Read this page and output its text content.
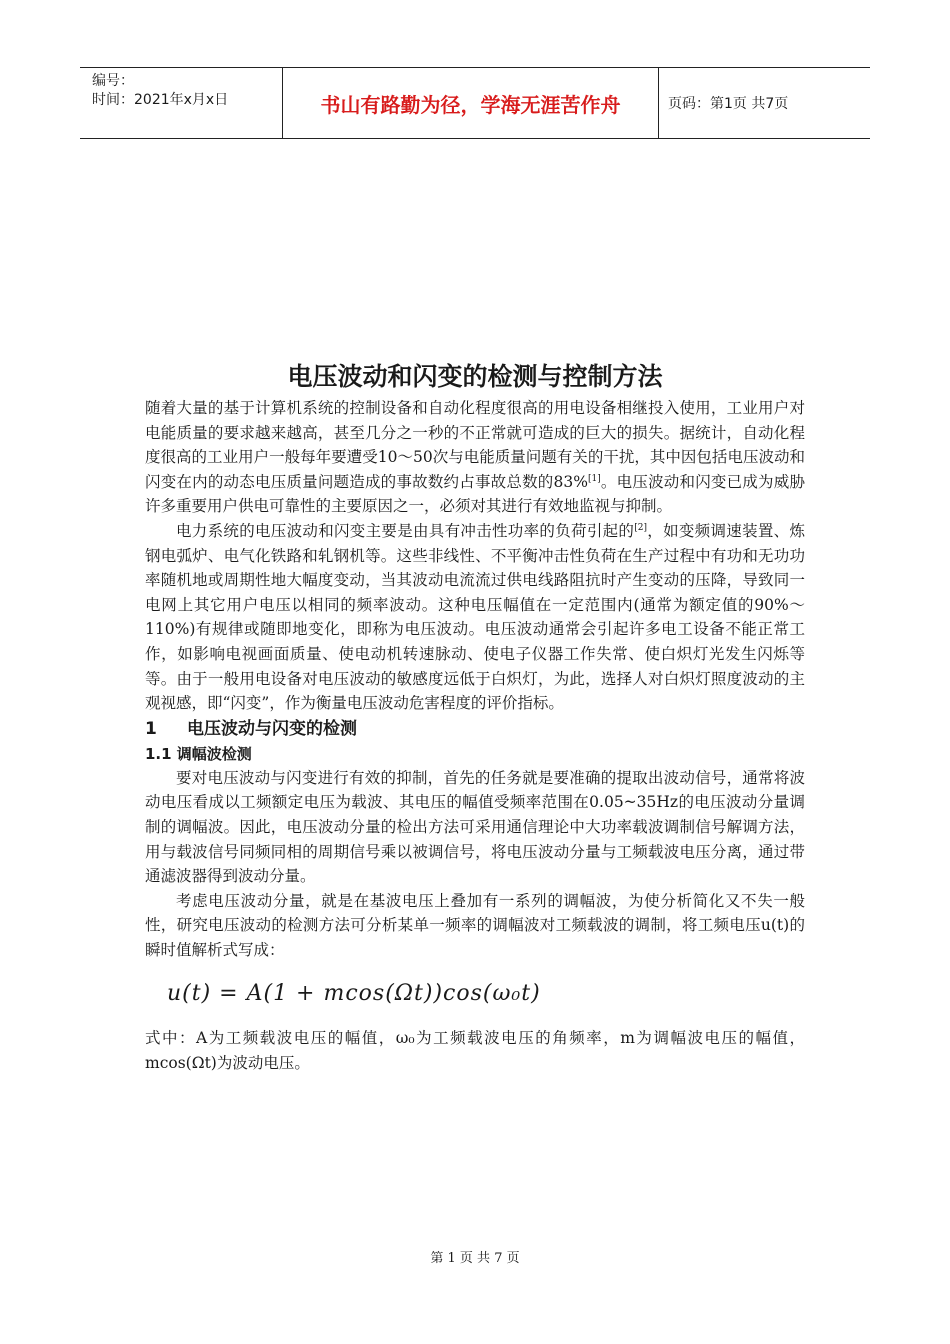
编号：
时间：2021年x月x日	书山有路勤为径，学海无涯苦作舟	页码：第1页 共7页
电压波动和闪变的检测与控制方法

随着大量的基于计算机系统的控制设备和自动化程度很高的用电设备相继投入使用，工业用户对电能质量的要求越来越高，甚至几分之一秒的不正常就可造成的巨大的损失。据统计，自动化程度很高的工业用户一般每年要遭受10～50次与电能质量问题有关的干扰，其中因包括电压波动和闪变在内的动态电压质量问题造成的事故数约占事故总数的83%[1]。电压波动和闪变已成为威胁许多重要用户供电可靠性的主要原因之一，必须对其进行有效地监视与抑制。

电力系统的电压波动和闪变主要是由具有冲击性功率的负荷引起的[2]，如变频调速装置、炼钢电弧炉、电气化铁路和轧钢机等。这些非线性、不平衡冲击性负荷在生产过程中有功和无功功率随机地或周期性地大幅度变动，当其波动电流流过供电线路阻抗时产生变动的压降，导致同一电网上其它用户电压以相同的频率波动。这种电压幅值在一定范围内(通常为额定值的90%～110%)有规律或随即地变化，即称为电压波动。电压波动通常会引起许多电工设备不能正常工作，如影响电视画面质量、使电动机转速脉动、使电子仪器工作失常、使白炽灯光发生闪烁等等。由于一般用电设备对电压波动的敏感度远低于白炽灯，为此，选择人对白炽灯照度波动的主观视感，即“闪变”，作为衡量电压波动危害程度的评价指标。

1 电压波动与闪变的检测
1.1 调幅波检测

要对电压波动与闪变进行有效的抑制，首先的任务就是要准确的提取出波动信号，通常将波动电压看成以工频额定电压为载波、其电压的幅值受频率范围在0.05~35Hz的电压波动分量调制的调幅波。因此，电压波动分量的检出方法可采用通信理论中大功率载波调制信号解调方法，用与载波信号同频同相的周期信号乘以被调信号，将电压波动分量与工频载波电压分离，通过带通滤波器得到波动分量。

考虑电压波动分量，就是在基波电压上叠加有一系列的调幅波，为使分析简化又不失一般性，研究电压波动的检测方法可分析某单一频率的调幅波对工频载波的调制，将工频电压u(t)的瞬时值解析式写成：

u(t) = A(1 + mcos(Ωt))cos(ω₀t)

式中：A为工频载波电压的幅值，ω₀为工频载波电压的角频率，m为调幅波电压的幅值，mcos(Ωt)为波动电压。

第 1 页 共 7 页
